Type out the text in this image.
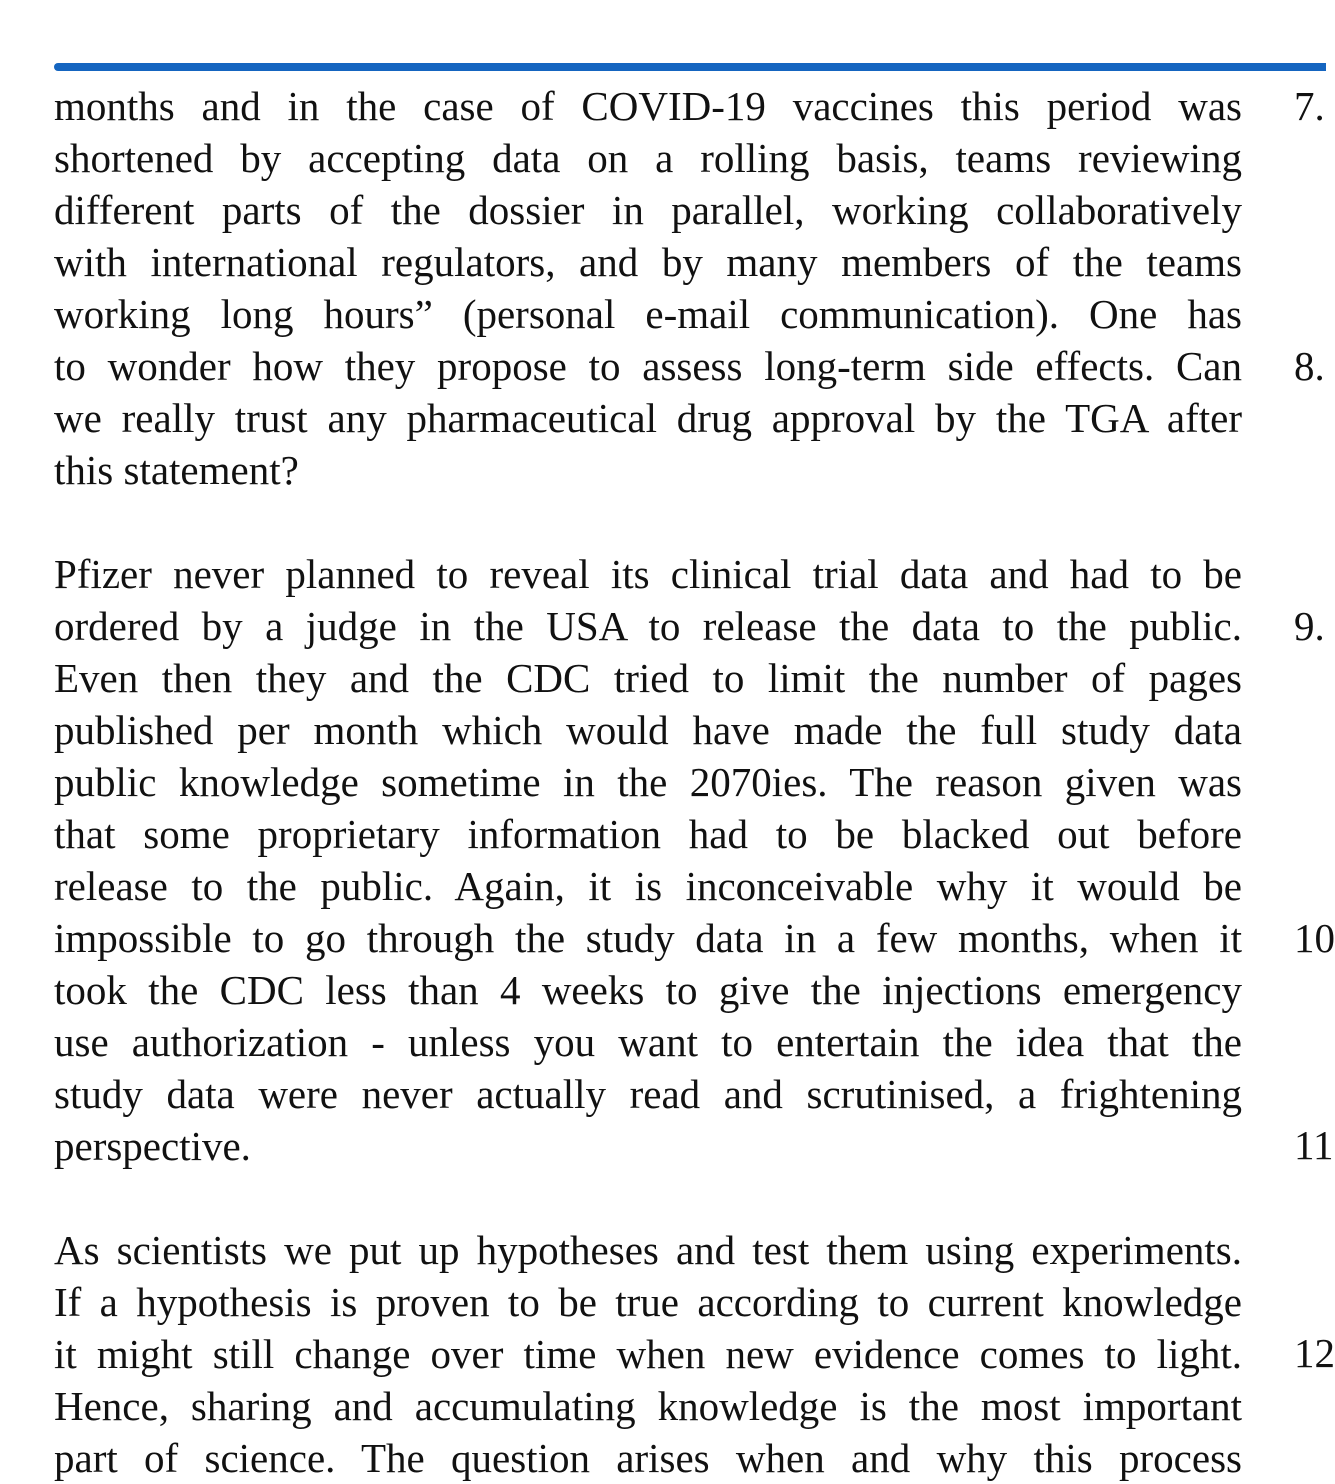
months and in the case of COVID-19 vaccines this period was
shortened by accepting data on a rolling basis, teams reviewing
different parts of the dossier in parallel, working collaboratively
with international regulators, and by many members of the teams
working long hours” (personal e-mail communication). One has
to wonder how they propose to assess long-term side effects. Can
we really trust any pharmaceutical drug approval by the TGA after
this statement?
Pfizer never planned to reveal its clinical trial data and had to be
ordered by a judge in the USA to release the data to the public.
Even then they and the CDC tried to limit the number of pages
published per month which would have made the full study data
public knowledge sometime in the 2070ies. The reason given was
that some proprietary information had to be blacked out before
release to the public. Again, it is inconceivable why it would be
impossible to go through the study data in a few months, when it
took the CDC less than 4 weeks to give the injections emergency
use authorization - unless you want to entertain the idea that the
study data were never actually read and scrutinised, a frightening
perspective.
As scientists we put up hypotheses and test them using experiments.
If a hypothesis is proven to be true according to current knowledge
it might still change over time when new evidence comes to light.
Hence, sharing and accumulating knowledge is the most important
part of science. The question arises when and why this process
7.
8.
9.
10
11
12
